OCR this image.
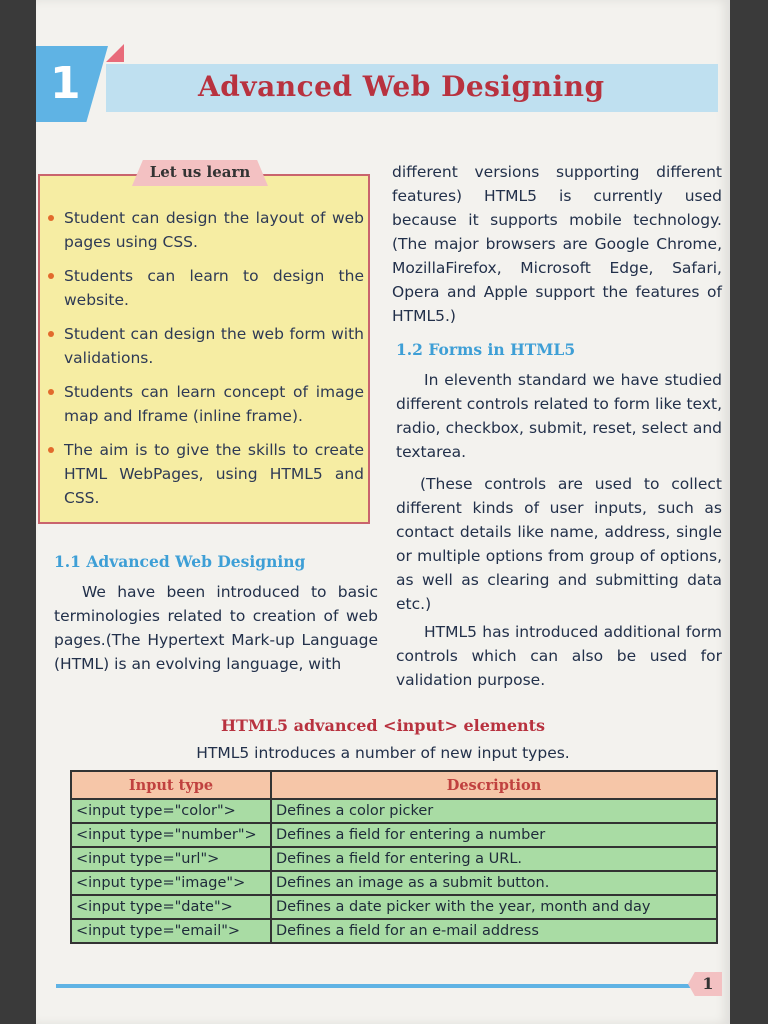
1	Advanced Web Designing
Let us learn
Student can design the layout of web pages using CSS.
Students can learn to design the website.
Student can design the web form with validations.
Students can learn concept of image map and Iframe (inline frame).
The aim is to give the skills to create HTML WebPages, using HTML5 and CSS.
1.1 Advanced Web Designing

We have been introduced to basic terminologies related to creation of web pages.(The Hypertext Mark-up Language (HTML) is an evolving language, with

different versions supporting different features) HTML5 is currently used because it supports mobile technology. (The major browsers are Google Chrome, MozillaFirefox, Microsoft Edge, Safari, Opera and Apple support the features of HTML5.)

1.2 Forms in HTML5

In eleventh standard we have studied different controls related to form like text, radio, checkbox, submit, reset, select and textarea.

(These controls are used to collect different kinds of user inputs, such as contact details like name, address, single or multiple options from group of options, as well as clearing and submitting data etc.)

HTML5 has introduced additional form controls which can also be used for validation purpose.

HTML5 advanced <input> elements
HTML5 introduces a number of new input types.
Input type	Description
<input type="color">	Defines a color picker
<input type="number">	Defines a field for entering a number
<input type="url">	Defines a field for entering a URL.
<input type="image">	Defines an image as a submit button.
<input type="date">	Defines a date picker with the year, month and day
<input type="email">	Defines a field for an e-mail address
1
